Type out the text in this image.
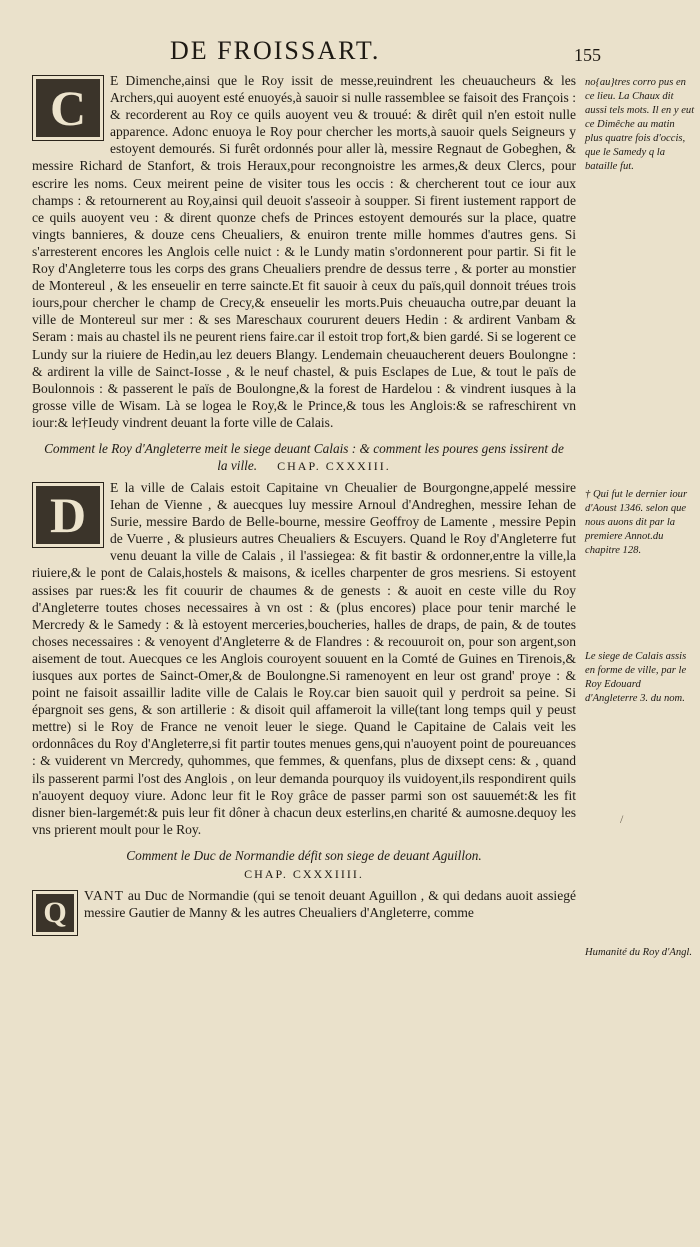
DE FROISSART.	155

C	E Dimenche,ainsi que le Roy issit de messe,reuindrent les cheuaucheurs & les Archers,qui auoyent esté enuoyés,à sauoir si nulle rassemblee se faisoit des François : & recorderent au Roy ce quils auoyent veu & trouué: & dirêt quil n'en estoit nulle apparence. Adonc enuoya le Roy pour chercher les morts,à sauoir quels Seigneurs y estoyent demourés. Si furêt ordonnés pour aller là, messire Regnaut de Gobeghen, & messire Richard de Stanfort, & trois Heraux,pour recongnoistre les armes,& deux Clercs, pour escrire les noms. Ceux meirent peine de visiter tous les occis : & chercherent tout ce iour aux champs : & retournerent au Roy,ainsi quil deuoit s'asseoir à soupper. Si firent iustement rapport de ce quils auoyent veu : & dirent quonze chefs de Princes estoyent demourés sur la place, quatre vingts bannieres, & douze cens Cheualiers, & enuiron trente mille hommes d'autres gens. Si s'arresterent encores les Anglois celle nuict : & le Lundy matin s'ordonnerent pour partir. Si fit le Roy d'Angleterre tous les corps des grans Cheualiers prendre de dessus terre , & porter au monstier de Montereul , & les enseuelir en terre saincte.Et fit sauoir à ceux du païs,quil donnoit tréues trois iours,pour chercher le champ de Crecy,& enseuelir les morts.Puis cheuaucha outre,par deuant la ville de Montereul sur mer : & ses Mareschaux coururent deuers Hedin : & ardirent Vanbam & Seram : mais au chastel ils ne peurent riens faire.car il estoit trop fort,& bien gardé. Si se logerent ce Lundy sur la riuiere de Hedin,au lez deuers Blangy. Lendemain cheuaucherent deuers Boulongne : & ardirent la ville de Sainct-Iosse , & le neuf chastel, & puis Esclapes de Lue, & tout le païs de Boulonnois : & passerent le païs de Boulongne,& la forest de Hardelou : & vindrent iusques à la grosse ville de Wisam. Là se logea le Roy,& le Prince,& tous les Anglois:& se rafreschirent vn iour:& le†Ieudy vindrent deuant la forte ville de Calais.

Comment le Roy d'Angleterre meit le siege deuant Calais : & comment les poures gens issirent de la ville. CHAP. CXXXIII.

D	E la ville de Calais estoit Capitaine vn Cheualier de Bourgongne,appelé messire Iehan de Vienne , & auecques luy messire Arnoul d'Andreghen, messire Iehan de Surie, messire Bardo de Belle-bourne, messire Geoffroy de Lamente , messire Pepin de Vuerre , & plusieurs autres Cheualiers & Escuyers. Quand le Roy d'Angleterre fut venu deuant la ville de Calais , il l'assiegea: & fit bastir & ordonner,entre la ville,la riuiere,& le pont de Calais,hostels & maisons, & icelles charpenter de gros mesriens. Si estoyent assises par rues:& les fit couurir de chaumes & de genests : & auoit en ceste ville du Roy d'Angleterre toutes choses necessaires à vn ost : & (plus encores) place pour tenir marché le Mercredy & le Samedy : & là estoyent merceries,boucheries, halles de draps, de pain, & de toutes choses necessaires : & venoyent d'Angleterre & de Flandres : & recouuroit on, pour son argent,son aisement de tout. Auecques ce les Anglois couroyent souuent en la Comté de Guines en Tirenois,& iusques aux portes de Sainct-Omer,& de Boulongne.Si ramenoyent en leur ost grand' proye : & point ne faisoit assaillir ladite ville de Calais le Roy.car bien sauoit quil y perdroit sa peine. Si épargnoit ses gens, & son artillerie : & disoit quil affameroit la ville(tant long temps quil y peust mettre) si le Roy de France ne venoit leuer le siege. Quand le Capitaine de Calais veit les ordonnâces du Roy d'Angleterre,si fit partir toutes menues gens,qui n'auoyent point de poureuances : & vuiderent vn Mercredy, quhommes, que femmes, & quenfans, plus de dixsept cens: & , quand ils passerent parmi l'ost des Anglois , on leur demanda pourquoy ils vuidoyent,ils respondirent quils n'auoyent dequoy viure. Adonc leur fit le Roy grâce de passer parmi son ost sauuemét:& les fit disner bien-largemét:& puis leur fit dôner à chacun deux esterlins,en charité & aumosne.dequoy les vns prierent moult pour le Roy.

Comment le Duc de Normandie défit son siege de deuant Aguillon.
CHAP. CXXXIIII.

Q
VANT au Duc de Normandie (qui se tenoit deuant Aguillon , & qui dedans auoit assiegé messire Gautier de Manny & les autres Cheualiers d'Angleterre, comme

no{au}tres corro pus en ce lieu. La Chaux dit aussi tels mots. Il en y eut ce Dimêche au matin plus quatre fois d'occis, que le Samedy q la bataille fut.
† Qui fut le dernier iour d'Aoust 1346. selon que nous auons dit par la premiere Annot.du chapitre 128.
Le siege de Calais assis en forme de ville, par le Roy Edouard d'Angleterre 3. du nom.
Humanité du Roy d'Angl.
/
